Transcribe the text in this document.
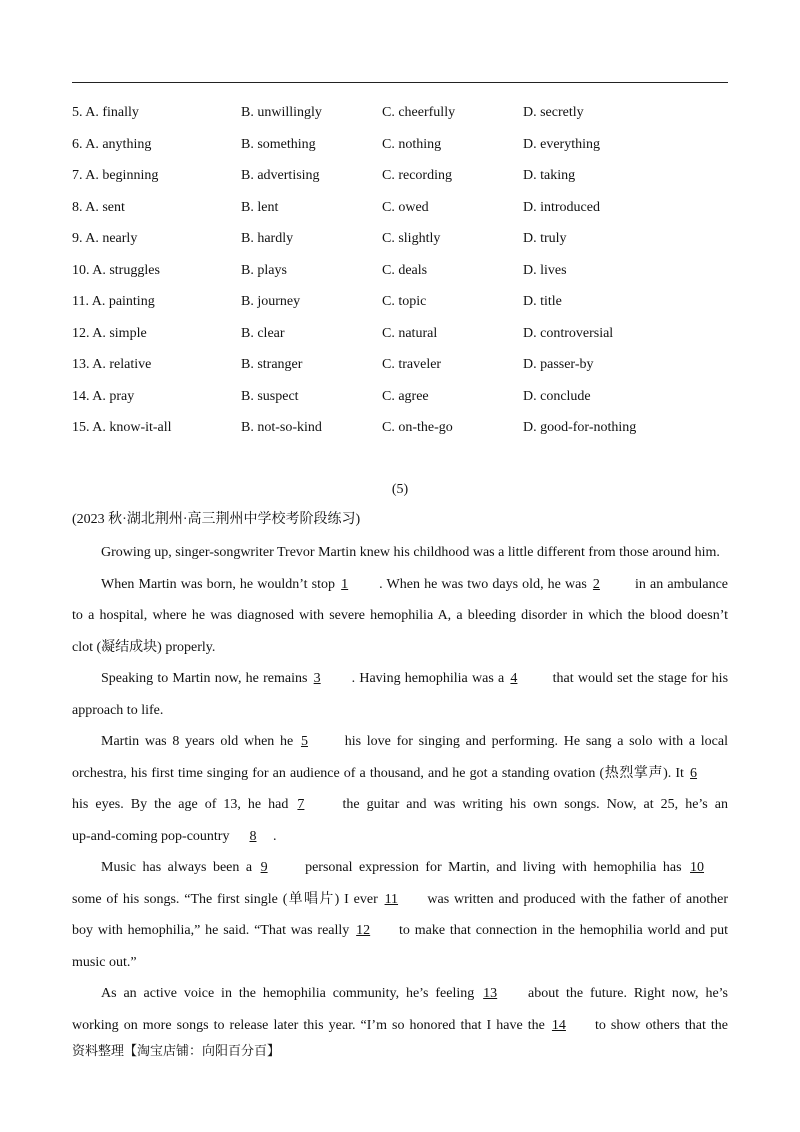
5. A. finally	B. unwillingly	C. cheerfully	D. secretly
6. A. anything	B. something	C. nothing	D. everything
7. A. beginning	B. advertising	C. recording	D. taking
8. A. sent	B. lent	C. owed	D. introduced
9. A. nearly	B. hardly	C. slightly	D. truly
10. A. struggles	B. plays	C. deals	D. lives
11. A. painting	B. journey	C. topic	D. title
12. A. simple	B. clear	C. natural	D. controversial
13. A. relative	B. stranger	C. traveler	D. passer-by
14. A. pray	B. suspect	C. agree	D. conclude
15. A. know-it-all	B. not-so-kind	C. on-the-go	D. good-for-nothing
(5)
(2023 秋·湖北荆州·高三荆州中学校考阶段练习)
Growing up, singer-songwriter Trevor Martin knew his childhood was a little different from those around him.
When Martin was born, he wouldn’t stop 1 . When he was two days old, he was 2	in an ambulance
to a hospital, where he was diagnosed with severe hemophilia A, a bleeding disorder in which the blood doesn’t
clot (凝结成块) properly.
Speaking to Martin now, he remains 3 . Having hemophilia was a 4	that would set the stage for his
approach to life.
Martin was 8 years old when he 5	his love for singing and performing. He sang a solo with a local
orchestra, his first time singing for an audience of a thousand, and he got a standing ovation (热烈掌声). It 6
his eyes. By the age of 13, he had 7	the guitar and was writing his own songs. Now, at 25, he’s an
up-and-coming pop-country 8 .
Music has always been a 9	personal expression for Martin, and living with hemophilia has 10
some of his songs. “The first single (单唱片) I ever 11 was written and produced with the father of another
boy with hemophilia,” he said. “That was really 12 to make that connection in the hemophilia world and put
music out.”
As an active voice in the hemophilia community, he’s feeling 13 about the future. Right now, he’s
working on more songs to release later this year. “I’m so honored that I have the 14 to show others that the
资料整理【淘宝店铺：向阳百分百】
